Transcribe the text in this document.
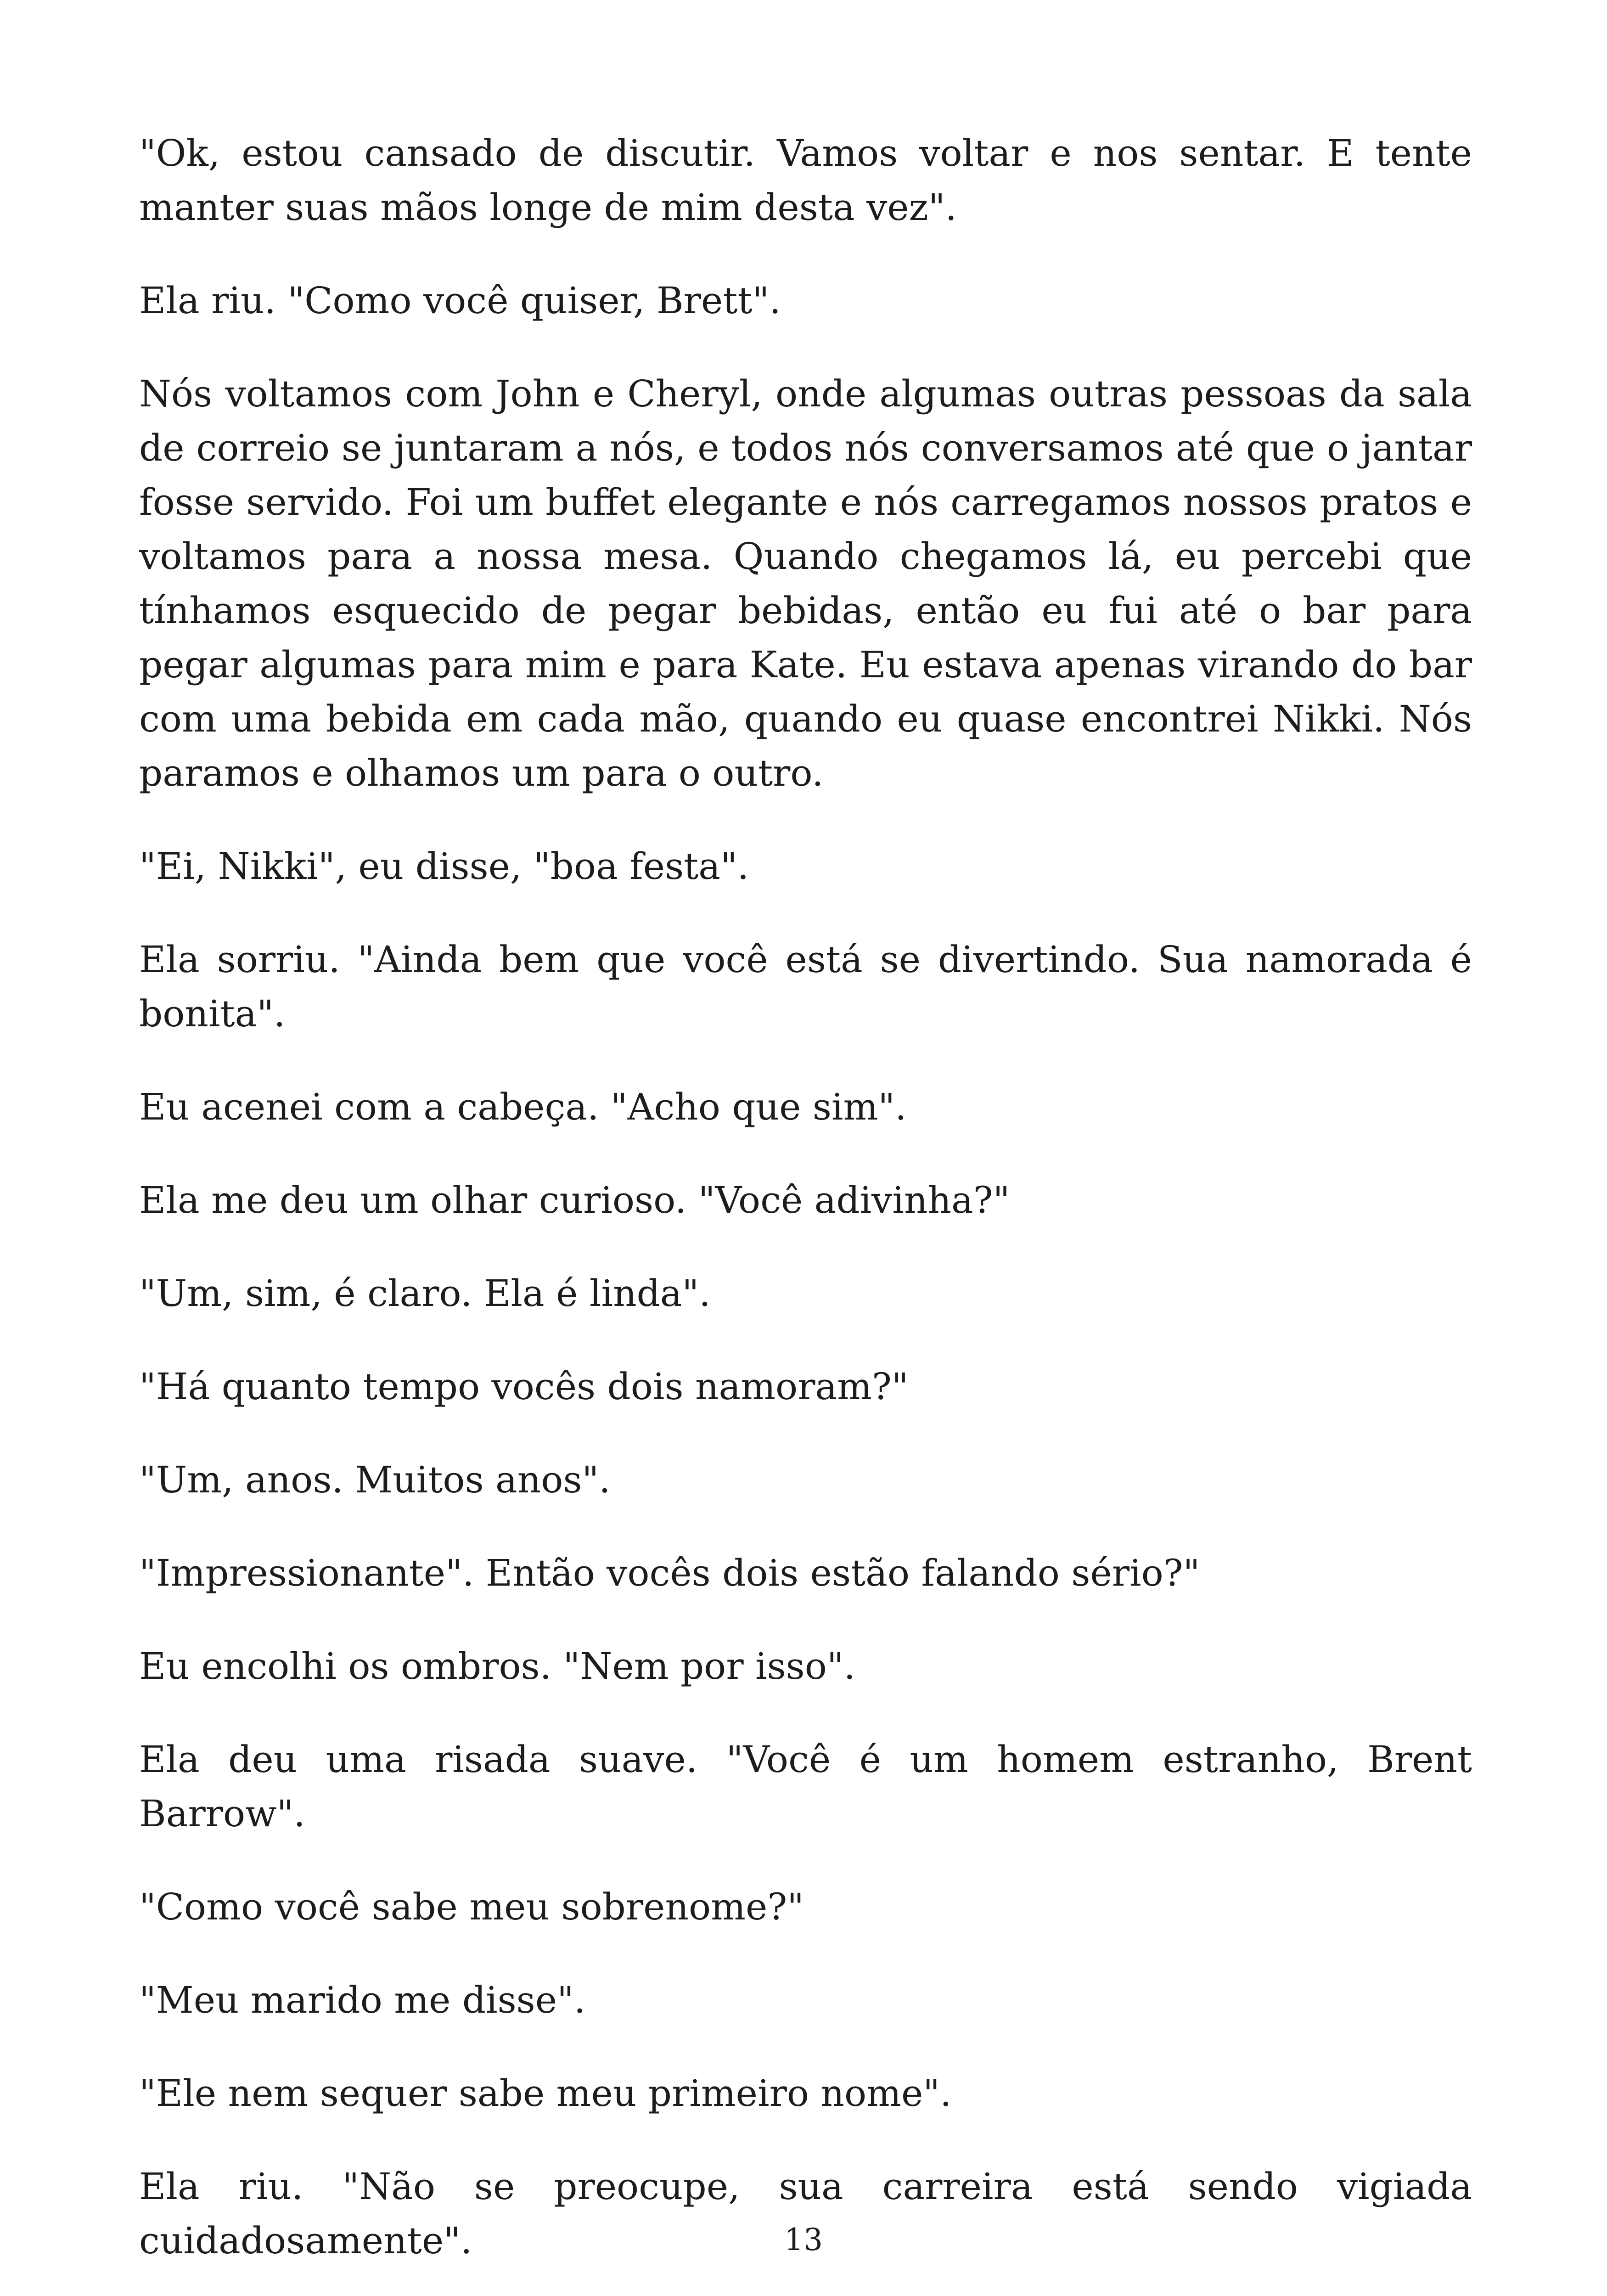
"Ok, estou cansado de discutir. Vamos voltar e nos sentar. E tente manter suas mãos longe de mim desta vez".

Ela riu. "Como você quiser, Brett".

Nós voltamos com John e Cheryl, onde algumas outras pessoas da sala de correio se juntaram a nós, e todos nós conversamos até que o jantar fosse servido. Foi um buffet elegante e nós carregamos nossos pratos e voltamos para a nossa mesa. Quando chegamos lá, eu percebi que tínhamos esquecido de pegar bebidas, então eu fui até o bar para pegar algumas para mim e para Kate. Eu estava apenas virando do bar com uma bebida em cada mão, quando eu quase encontrei Nikki. Nós paramos e olhamos um para o outro.

"Ei, Nikki", eu disse, "boa festa".

Ela sorriu. "Ainda bem que você está se divertindo. Sua namorada é bonita".

Eu acenei com a cabeça. "Acho que sim".

Ela me deu um olhar curioso. "Você adivinha?"

"Um, sim, é claro. Ela é linda".

"Há quanto tempo vocês dois namoram?"

"Um, anos. Muitos anos".

"Impressionante". Então vocês dois estão falando sério?"

Eu encolhi os ombros. "Nem por isso".

Ela deu uma risada suave. "Você é um homem estranho, Brent Barrow".

"Como você sabe meu sobrenome?"

"Meu marido me disse".

"Ele nem sequer sabe meu primeiro nome".

Ela riu. "Não se preocupe, sua carreira está sendo vigiada cuidadosamente".	13
